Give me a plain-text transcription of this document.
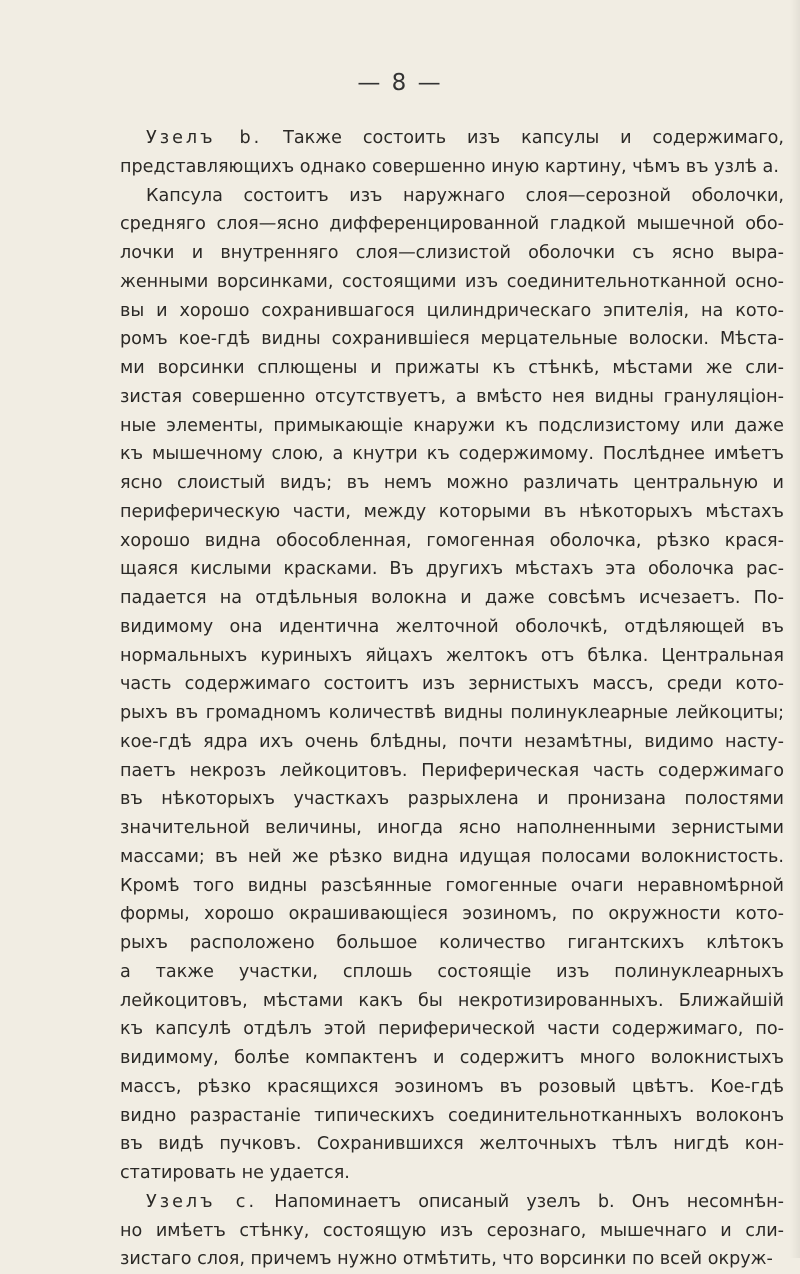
— 8 —
Узелъ b. Также состоить изъ капсулы и содержимаго,
представляющихъ однако совершенно иную картину, чѣмъ въ узлѣ a.
Капсула состоитъ изъ наружнаго слоя—серозной оболочки,
средняго слоя—ясно дифференцированной гладкой мышечной обо-
лочки и внутренняго слоя—слизистой оболочки съ ясно выра-
женными ворсинками, состоящими изъ соединительнотканной осно-
вы и хорошо сохранившагося цилиндрическаго эпителія, на кото-
ромъ кое-гдѣ видны сохранившіеся мерцательные волоски. Мѣста-
ми ворсинки сплющены и прижаты къ стѣнкѣ, мѣстами же сли-
зистая совершенно отсутствуетъ, а вмѣсто нея видны грануляціон-
ные элементы, примыкающіе кнаружи къ подслизистому или даже
къ мышечному слою, а кнутри къ содержимому. Послѣднее имѣетъ
ясно слоистый видъ; въ немъ можно различать центральную и
периферическую части, между которыми въ нѣкоторыхъ мѣстахъ
хорошо видна обособленная, гомогенная оболочка, рѣзко крася-
щаяся кислыми красками. Въ другихъ мѣстахъ эта оболочка рас-
падается на отдѣльныя волокна и даже совсѣмъ исчезаетъ. По-
видимому она идентична желточной оболочкѣ, отдѣляющей въ
нормальныхъ куриныхъ яйцахъ желтокъ отъ бѣлка. Центральная
часть содержимаго состоитъ изъ зернистыхъ массъ, среди кото-
рыхъ въ громадномъ количествѣ видны полинуклеарные лейкоциты;
кое-гдѣ ядра ихъ очень блѣдны, почти незамѣтны, видимо насту-
паетъ некрозъ лейкоцитовъ. Периферическая часть содержимаго
въ нѣкоторыхъ участкахъ разрыхлена и пронизана полостями
значительной величины, иногда ясно наполненными зернистыми
массами; въ ней же рѣзко видна идущая полосами волокнистость.
Кромѣ того видны разсѣянные гомогенные очаги неравномѣрной
формы, хорошо окрашивающіеся эозиномъ, по окружности кото-
рыхъ расположено большое количество гигантскихъ клѣтокъ
а также участки, сплошь состоящіе изъ полинуклеарныхъ
лейкоцитовъ, мѣстами какъ бы некротизированныхъ. Ближайшій
къ капсулѣ отдѣлъ этой периферической части содержимаго, по-
видимому, болѣе компактенъ и содержитъ много волокнистыхъ
массъ, рѣзко красящихся эозиномъ въ розовый цвѣтъ. Кое-гдѣ
видно разрастаніе типическихъ соединительнотканныхъ волоконъ
въ видѣ пучковъ. Сохранившихся желточныхъ тѣлъ нигдѣ кон-
статировать не удается.
Узелъ c. Напоминаетъ описаный узелъ b. Онъ несомнѣн-
но имѣетъ стѣнку, состоящую изъ серознаго, мышечнаго и сли-
зистаго слоя, причемъ нужно отмѣтить, что ворсинки по всей окруж-
